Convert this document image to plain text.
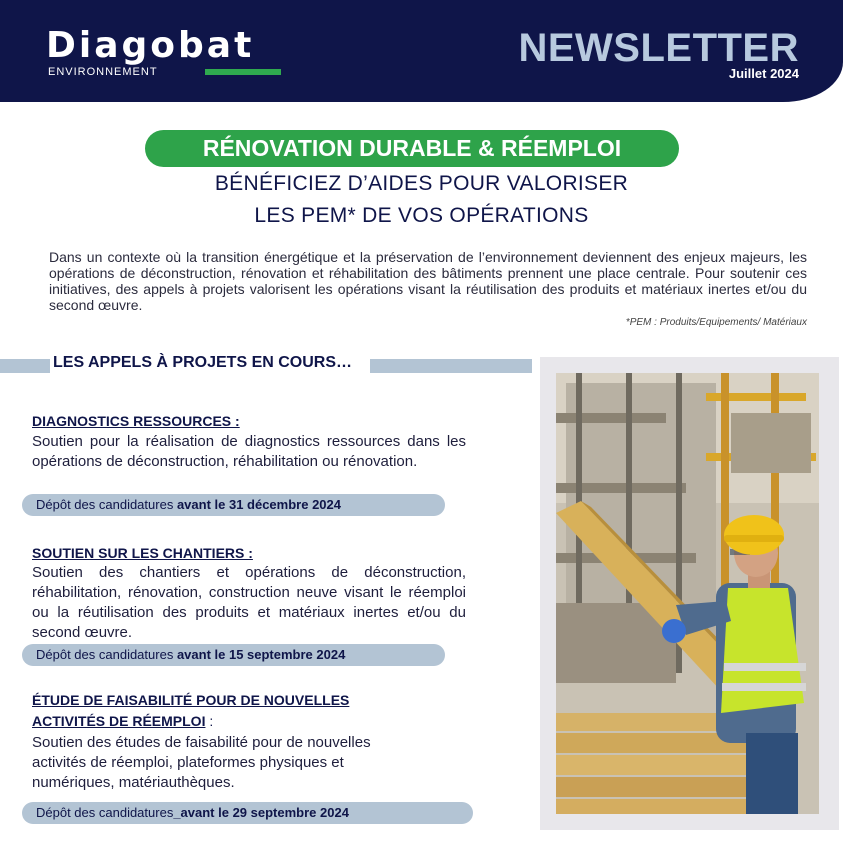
Diagobat
ENVIRONNEMENT
NEWSLETTER
Juillet 2024
RÉNOVATION DURABLE & RÉEMPLOI
BÉNÉFICIEZ D’AIDES POUR VALORISER
LES PEM* DE VOS OPÉRATIONS
Dans un contexte où la transition énergétique et la préservation de l’environnement deviennent des enjeux majeurs, les opérations de déconstruction, rénovation et réhabilitation des bâtiments prennent une place centrale. Pour soutenir ces initiatives, des appels à projets valorisent les opérations visant la réutilisation des produits et matériaux inertes et/ou du second œuvre.
*PEM : Produits/Equipements/ Matériaux
LES APPELS À PROJETS EN COURS…
DIAGNOSTICS RESSOURCES :
Soutien pour la réalisation de diagnostics ressources dans les opérations de déconstruction, réhabilitation ou rénovation.
Dépôt des candidatures avant le 31 décembre 2024
SOUTIEN SUR LES CHANTIERS :
Soutien des chantiers et opérations de déconstruction, réhabilitation, rénovation, construction neuve visant le réemploi ou la réutilisation des produits et matériaux inertes et/ou du second œuvre.
Dépôt des candidatures avant le 15 septembre 2024
ÉTUDE DE FAISABILITÉ POUR DE NOUVELLES
ACTIVITÉS DE RÉEMPLOI :
Soutien des études de faisabilité pour de nouvelles activités de réemploi, plateformes physiques et numériques, matériauthèques.
Dépôt des candidatures_avant le 29 septembre 2024
